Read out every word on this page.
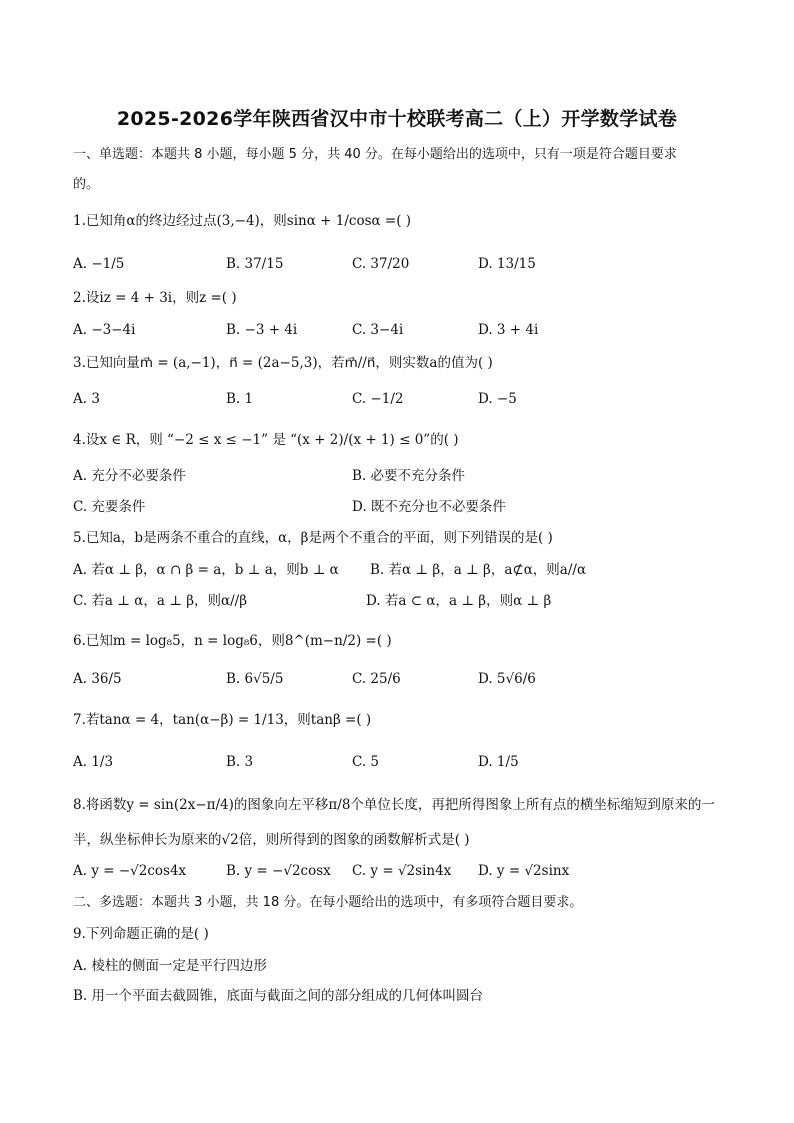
2025-2026学年陕西省汉中市十校联考高二（上）开学数学试卷
一、单选题：本题共 8 小题，每小题 5 分，共 40 分。在每小题给出的选项中，只有一项是符合题目要求
的。
1.已知角α的终边经过点(3,−4)，则sinα + 1/cosα =( )
A. −1/5	B. 37/15	C. 37/20	D. 13/15
2.设iz = 4 + 3i，则z =( )
A. −3−4i	B. −3 + 4i	C. 3−4i	D. 3 + 4i
3.已知向量m⃗ = (a,−1)，n⃗ = (2a−5,3)，若m⃗//n⃗，则实数a的值为( )
A. 3	B. 1	C. −1/2	D. −5
4.设x ∈ R，则 “−2 ≤ x ≤ −1” 是 “(x + 2)/(x + 1) ≤ 0”的( )
A. 充分不必要条件	B. 必要不充分条件
C. 充要条件	D. 既不充分也不必要条件
5.已知a，b是两条不重合的直线，α，β是两个不重合的平面，则下列错误的是( )
A. 若α ⊥ β，α ∩ β = a，b ⊥ a，则b ⊥ α B. 若α ⊥ β，a ⊥ β，a⊄α，则a//α
C. 若a ⊥ α，a ⊥ β，则α//β	D. 若a ⊂ α，a ⊥ β，则α ⊥ β
6.已知m = log₈5，n = log₈6，则8^(m−n/2) =( )
A. 36/5	B. 6√5/5	C. 25/6	D. 5√6/6
7.若tanα = 4，tan(α−β) = 1/13，则tanβ =( )
A. 1/3	B. 3	C. 5	D. 1/5
8.将函数y = sin(2x−π/4)的图象向左平移π/8个单位长度，再把所得图象上所有点的横坐标缩短到原来的一
半，纵坐标伸长为原来的√2倍，则所得到的图象的函数解析式是( )
A. y = −√2cos4x	B. y = −√2cosx C. y = √2sin4x D. y = √2sinx
二、多选题：本题共 3 小题，共 18 分。在每小题给出的选项中，有多项符合题目要求。
9.下列命题正确的是( )
A. 棱柱的侧面一定是平行四边形
B. 用一个平面去截圆锥，底面与截面之间的部分组成的几何体叫圆台
